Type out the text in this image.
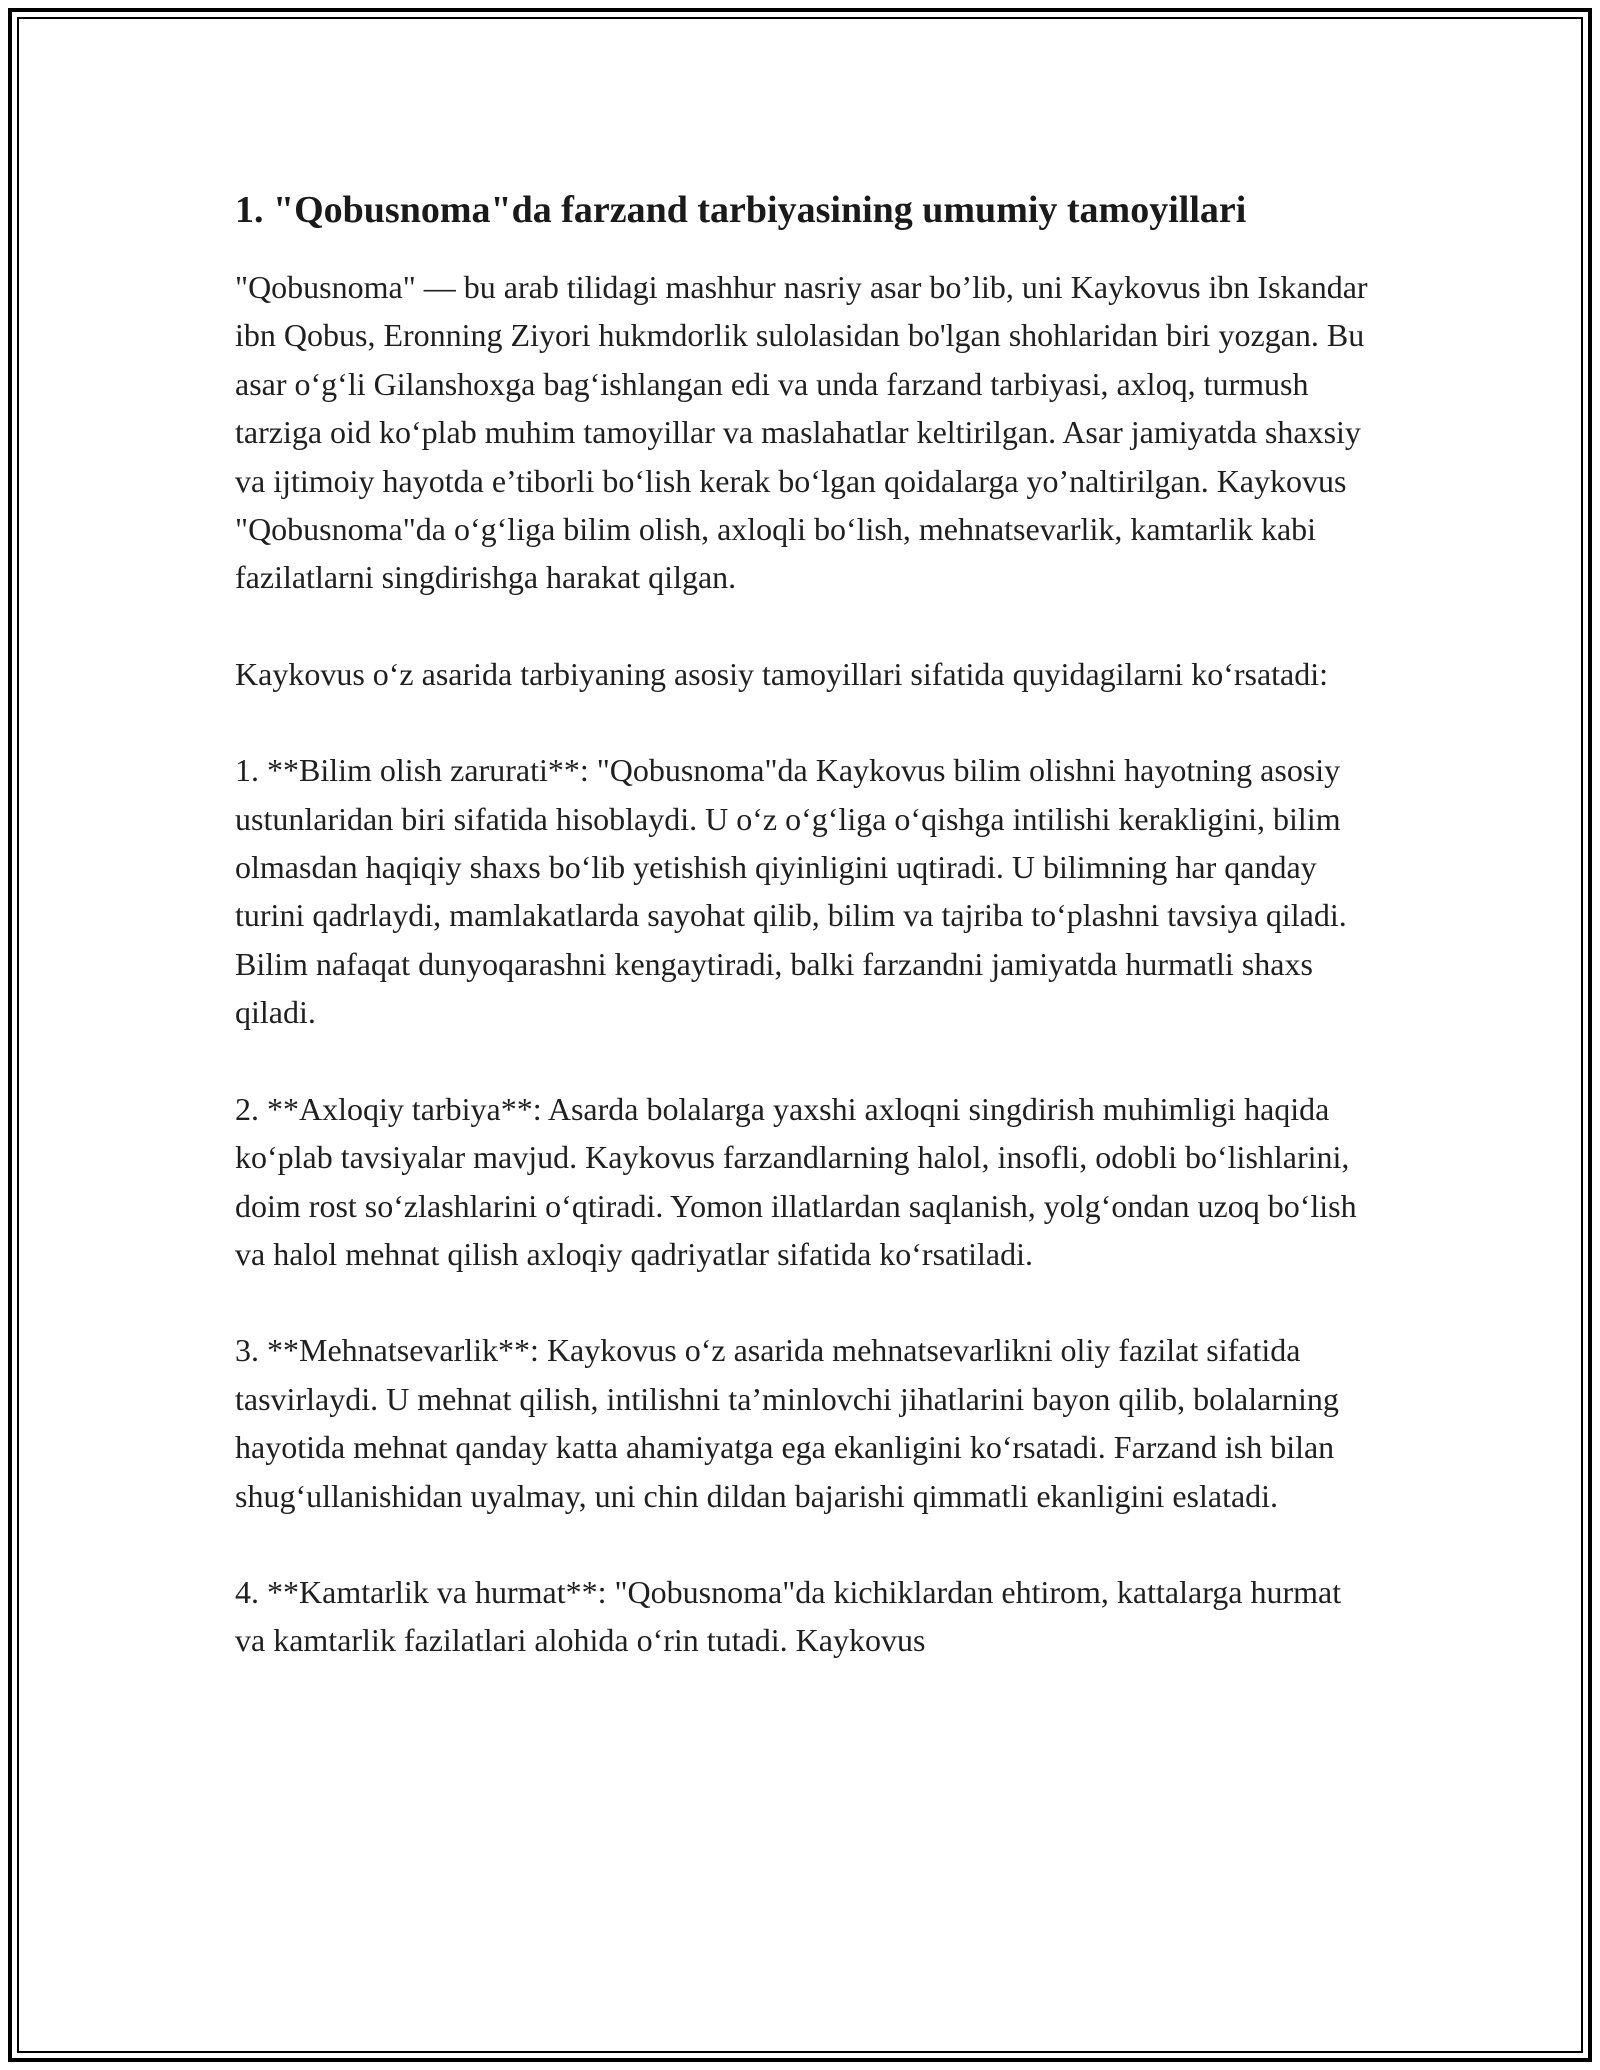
1. "Qobusnoma"da farzand tarbiyasining umumiy tamoyillari

"Qobusnoma" — bu arab tilidagi mashhur nasriy asar bo’lib, uni Kaykovus ibn Iskandar ibn Qobus, Eronning Ziyori hukmdorlik sulolasidan bo'lgan shohlaridan biri yozgan. Bu asar o‘g‘li Gilanshoxga bag‘ishlangan edi va unda farzand tarbiyasi, axloq, turmush tarziga oid ko‘plab muhim tamoyillar va maslahatlar keltirilgan. Asar jamiyatda shaxsiy va ijtimoiy hayotda e’tiborli bo‘lish kerak bo‘lgan qoidalarga yo’naltirilgan. Kaykovus "Qobusnoma"da o‘g‘liga bilim olish, axloqli bo‘lish, mehnatsevarlik, kamtarlik kabi fazilatlarni singdirishga harakat qilgan.

Kaykovus o‘z asarida tarbiyaning asosiy tamoyillari sifatida quyidagilarni ko‘rsatadi:

1. **Bilim olish zarurati**: "Qobusnoma"da Kaykovus bilim olishni hayotning asosiy ustunlaridan biri sifatida hisoblaydi. U o‘z o‘g‘liga o‘qishga intilishi kerakligini, bilim olmasdan haqiqiy shaxs bo‘lib yetishish qiyinligini uqtiradi. U bilimning har qanday turini qadrlaydi, mamlakatlarda sayohat qilib, bilim va tajriba to‘plashni tavsiya qiladi. Bilim nafaqat dunyoqarashni kengaytiradi, balki farzandni jamiyatda hurmatli shaxs qiladi.

2. **Axloqiy tarbiya**: Asarda bolalarga yaxshi axloqni singdirish muhimligi haqida ko‘plab tavsiyalar mavjud. Kaykovus farzandlarning halol, insofli, odobli bo‘lishlarini, doim rost so‘zlashlarini o‘qtiradi. Yomon illatlardan saqlanish, yolg‘ondan uzoq bo‘lish va halol mehnat qilish axloqiy qadriyatlar sifatida ko‘rsatiladi.

3. **Mehnatsevarlik**: Kaykovus o‘z asarida mehnatsevarlikni oliy fazilat sifatida tasvirlaydi. U mehnat qilish, intilishni ta’minlovchi jihatlarini bayon qilib, bolalarning hayotida mehnat qanday katta ahamiyatga ega ekanligini ko‘rsatadi. Farzand ish bilan shug‘ullanishidan uyalmay, uni chin dildan bajarishi qimmatli ekanligini eslatadi.

4. **Kamtarlik va hurmat**: "Qobusnoma"da kichiklardan ehtirom, kattalarga hurmat va kamtarlik fazilatlari alohida o‘rin tutadi. Kaykovus
